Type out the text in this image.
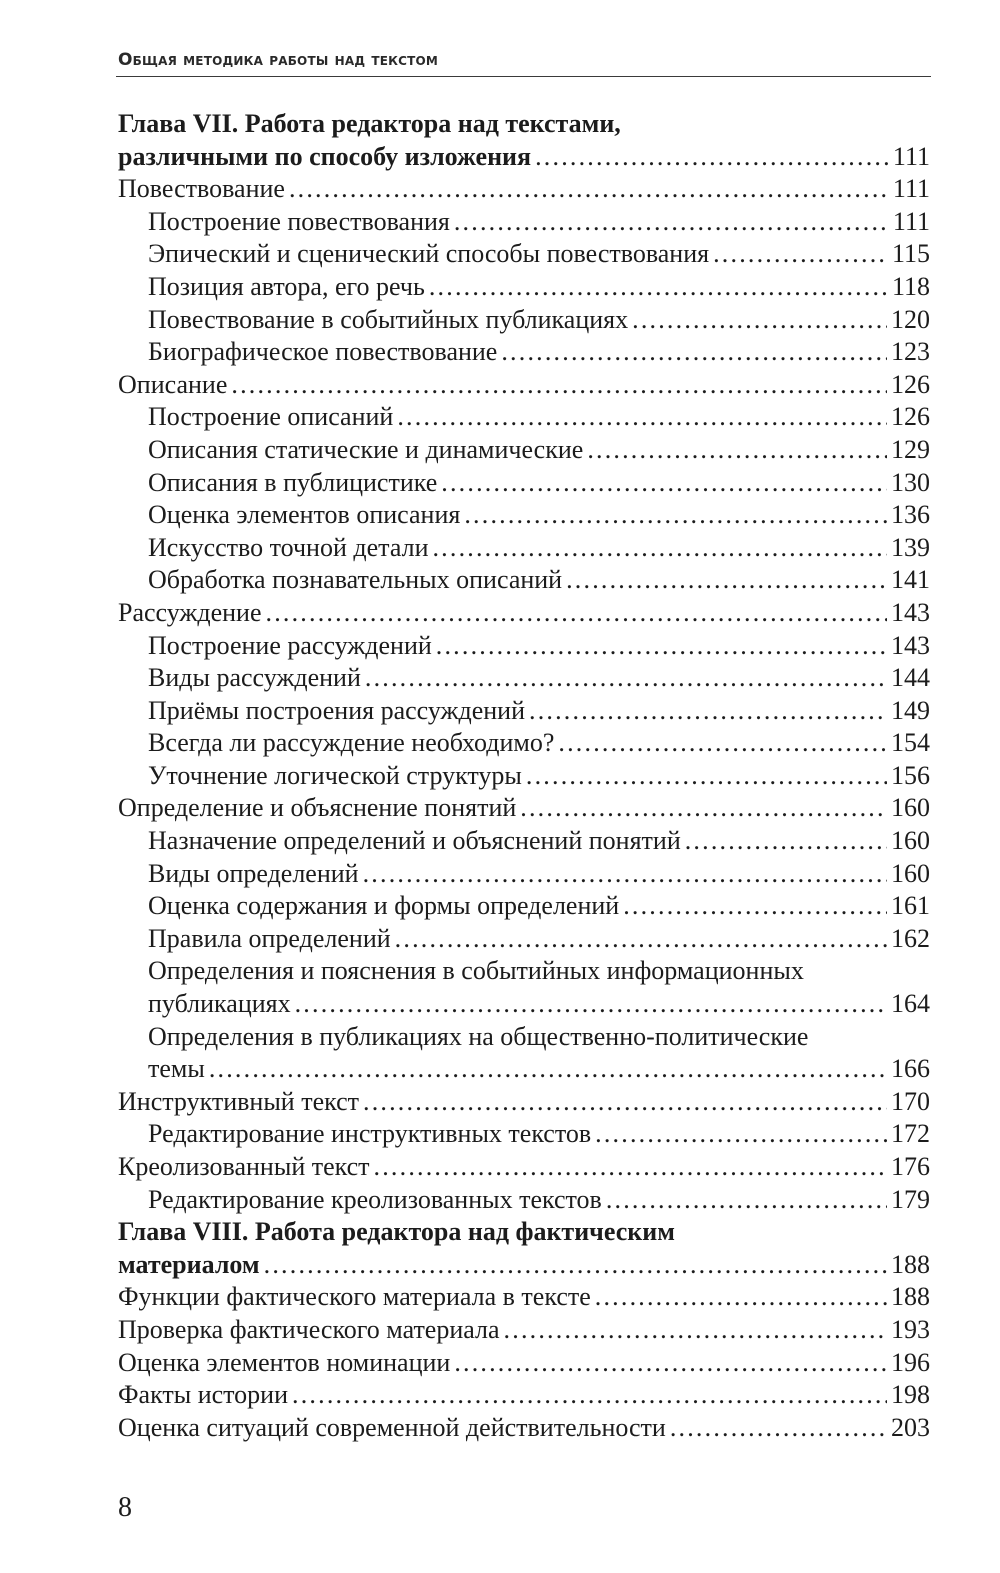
Общая методика работы над текстом
Глава VII. Работа редактора над текстами,
различными по способу изложения .....	111
Повествование .....	111
Построение повествования .....	111
Эпический и сценический способы повествования .....	115
Позиция автора, его речь .....	118
Повествование в событийных публикациях .....	120
Биографическое повествование .....	123
Описание .....	126
Построение описаний .....	126
Описания статические и динамические .....	129
Описания в публицистике .....	130
Оценка элементов описания .....	136
Искусство точной детали .....	139
Обработка познавательных описаний .....	141
Рассуждение .....	143
Построение рассуждений .....	143
Виды рассуждений .....	144
Приёмы построения рассуждений .....	149
Всегда ли рассуждение необходимо? .....	154
Уточнение логической структуры .....	156
Определение и объяснение понятий .....	160
Назначение определений и объяснений понятий .....	160
Виды определений .....	160
Оценка содержания и формы определений .....	161
Правила определений .....	162
Определения и пояснения в событийных информационных
публикациях .....	164
Определения в публикациях на общественно-политические
темы .....	166
Инструктивный текст .....	170
Редактирование инструктивных текстов .....	172
Креолизованный текст .....	176
Редактирование креолизованных текстов .....	179
Глава VIII. Работа редактора над фактическим
материалом .....	188
Функции фактического материала в тексте .....	188
Проверка фактического материала .....	193
Оценка элементов номинации .....	196
Факты истории .....	198
Оценка ситуаций современной действительности .....	203
8
